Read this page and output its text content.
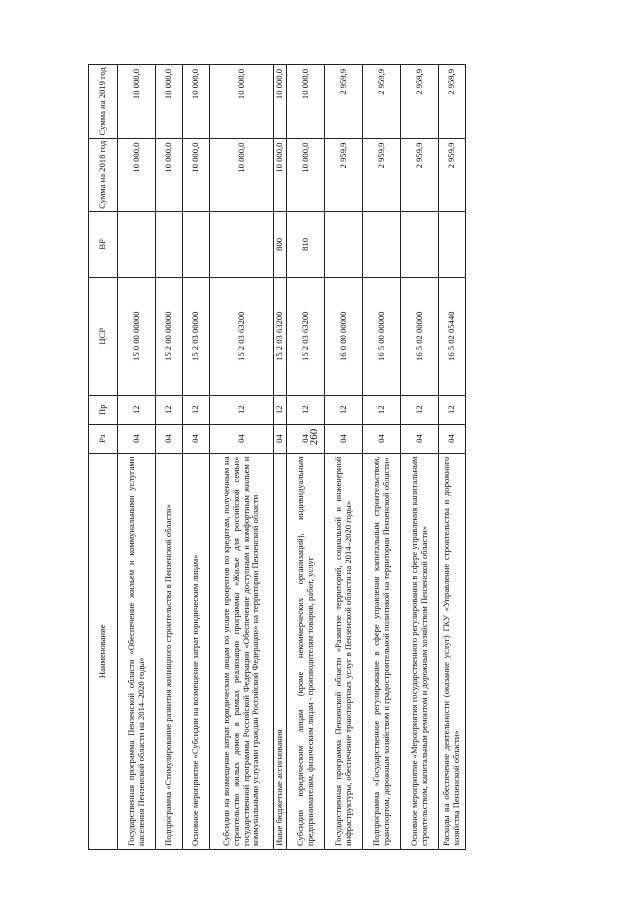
260
Наименование	Рз	Пр	ЦСР	ВР	Сумма на 2018 год	Сумма на 2019 год
Государственная программа Пензенской области «Обеспечение жильем и коммунальными услугами населения Пензенской области на 2014–2020 годы»	04	12	15 0 00 00000		10 000,0	10 000,0
Подпрограмма «Стимулирование развития жилищного строительства в Пензенской области»	04	12	15 2 00 00000		10 000,0	10 000,0
Основное мероприятие «Субсидии на возмещение затрат юридическим лицам»	04	12	15 2 03 00000		10 000,0	10 000,0
Субсидии на возмещение затрат юридическим лицам по уплате процентов по кредитам, полученным на строительство жилых домов в рамках реализации программы «Жилье для российской семьи» государственной программы Российской Федерации «Обеспечение доступным и комфортным жильем и коммунальными услугами граждан Российской Федерации» на территории Пензенской области	04	12	15 2 03 63200		10 000,0	10 000,0
Иные бюджетные ассигнования	04	12	15 2 03 63200	800	10 000,0	10 000,0
Субсидии юридическим лицам (кроме некоммерческих организаций), индивидуальным предпринимателям, физическим лицам - производителям товаров, работ, услуг	04	12	15 2 03 63200	810	10 000,0	10 000,0
Государственная программа Пензенской области «Развитие территорий, социальной и инженерной инфраструктуры, обеспечение транспортных услуг в Пензенской области на 2014–2020 годы»	04	12	16 0 00 00000		2 959,9	2 959,9
Подпрограмма «Государственное регулирование в сфере управления капитальным строительством, транспортом, дорожным хозяйством и градостроительной политикой на территории Пензенской области»	04	12	16 5 00 00000		2 959,9	2 959,9
Основное мероприятие «Мероприятия государственного регулирования в сфере управления капитальным строительством, капитальным ремонтом и дорожным хозяйством Пензенской области»	04	12	16 5 02 00000		2 959,9	2 959,9
Расходы на обеспечение деятельности (оказание услуг) ГКУ «Управление строительства и дорожного хозяйства Пензенской области»	04	12	16 5 02 05440		2 959,9	2 959,9
